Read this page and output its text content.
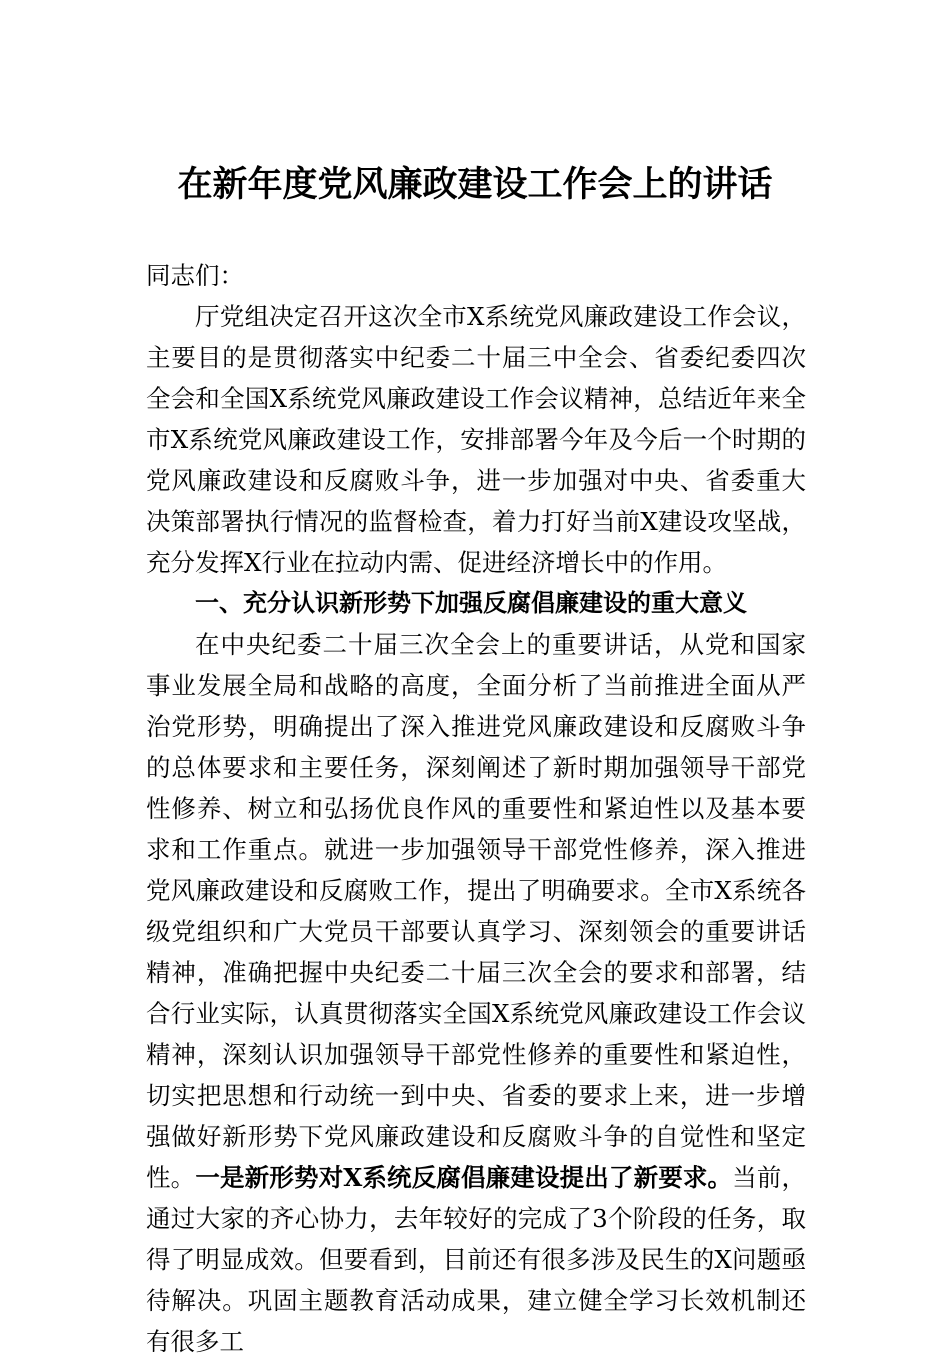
在新年度党风廉政建设工作会上的讲话

同志们：

厅党组决定召开这次全市X系统党风廉政建设工作会议，主要目的是贯彻落实中纪委二十届三中全会、省委纪委四次全会和全国X系统党风廉政建设工作会议精神，总结近年来全市X系统党风廉政建设工作，安排部署今年及今后一个时期的党风廉政建设和反腐败斗争，进一步加强对中央、省委重大决策部署执行情况的监督检查，着力打好当前X建设攻坚战，充分发挥X行业在拉动内需、促进经济增长中的作用。

一、充分认识新形势下加强反腐倡廉建设的重大意义

在中央纪委二十届三次全会上的重要讲话，从党和国家事业发展全局和战略的高度，全面分析了当前推进全面从严治党形势，明确提出了深入推进党风廉政建设和反腐败斗争的总体要求和主要任务，深刻阐述了新时期加强领导干部党性修养、树立和弘扬优良作风的重要性和紧迫性以及基本要求和工作重点。就进一步加强领导干部党性修养，深入推进党风廉政建设和反腐败工作，提出了明确要求。全市X系统各级党组织和广大党员干部要认真学习、深刻领会的重要讲话精神，准确把握中央纪委二十届三次全会的要求和部署，结合行业实际，认真贯彻落实全国X系统党风廉政建设工作会议精神，深刻认识加强领导干部党性修养的重要性和紧迫性，切实把思想和行动统一到中央、省委的要求上来，进一步增强做好新形势下党风廉政建设和反腐败斗争的自觉性和坚定性。一是新形势对X系统反腐倡廉建设提出了新要求。当前，通过大家的齐心协力，去年较好的完成了3个阶段的任务，取得了明显成效。但要看到，目前还有很多涉及民生的X问题亟待解决。巩固主题教育活动成果，建立健全学习长效机制还有很多工
